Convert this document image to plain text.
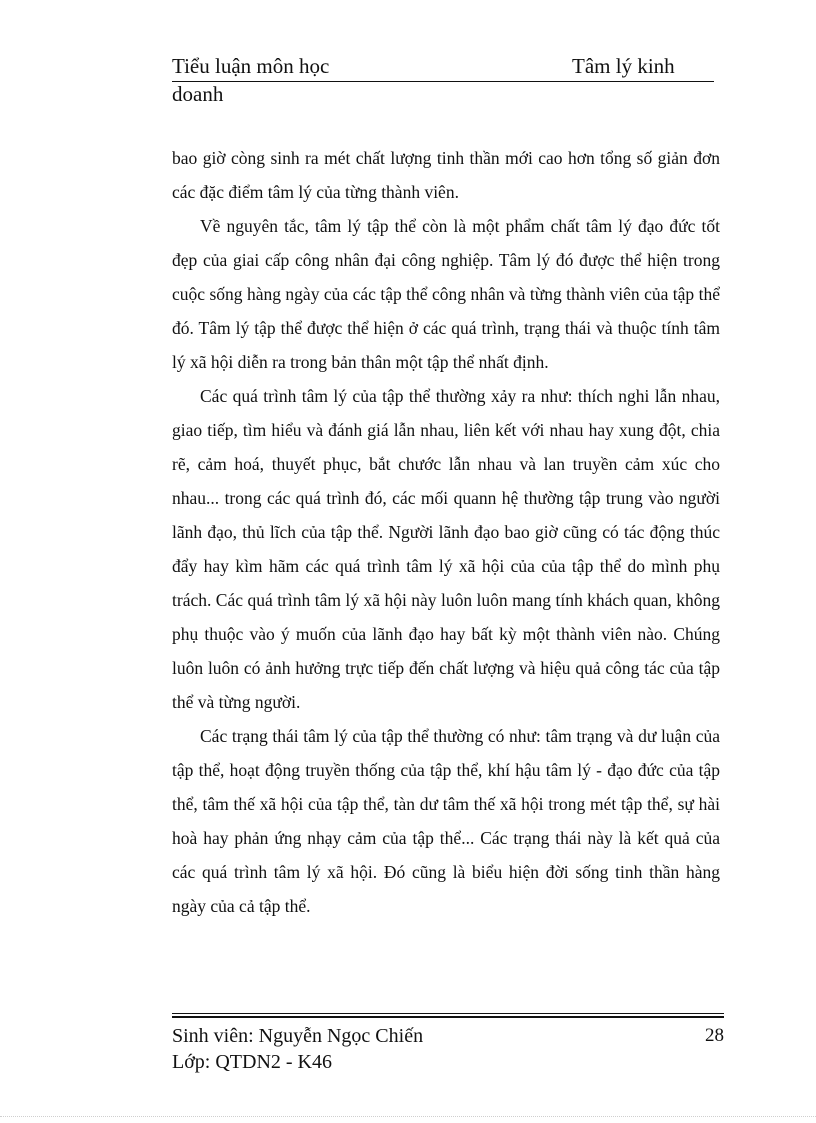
Tiểu luận môn học	Tâm lý kinh
doanh

bao giờ còng sinh ra mét chất lượng tinh thần mới cao hơn tổng số giản đơn các đặc điểm tâm lý của từng thành viên.

Về nguyên tắc, tâm lý tập thể còn là một phẩm chất tâm lý đạo đức tốt đẹp của giai cấp công nhân đại công nghiệp. Tâm lý đó được thể hiện trong cuộc sống hàng ngày của các tập thể công nhân và từng thành viên của tập thể đó. Tâm lý tập thể được thể hiện ở các quá trình, trạng thái và thuộc tính tâm lý xã hội diễn ra trong bản thân một tập thể nhất định.

Các quá trình tâm lý của tập thể thường xảy ra như: thích nghi lẫn nhau, giao tiếp, tìm hiểu và đánh giá lẫn nhau, liên kết với nhau hay xung đột, chia rẽ, cảm hoá, thuyết phục, bắt chước lẫn nhau và lan truyền cảm xúc cho nhau... trong các quá trình đó, các mối quann hệ thường tập trung vào người lãnh đạo, thủ lĩch của tập thể. Người lãnh đạo bao giờ cũng có tác động thúc đẩy hay kìm hãm các quá trình tâm lý xã hội của của tập thể do mình phụ trách. Các quá trình tâm lý xã hội này luôn luôn mang tính khách quan, không phụ thuộc vào ý muốn của lãnh đạo hay bất kỳ một thành viên nào. Chúng luôn luôn có ảnh hưởng trực tiếp đến chất lượng và hiệu quả công tác của tập thể và từng người.

Các trạng thái tâm lý của tập thể thường có như: tâm trạng và dư luận của tập thể, hoạt động truyền thống của tập thể, khí hậu tâm lý - đạo đức của tập thể, tâm thế xã hội của tập thể, tàn dư tâm thế xã hội trong mét tập thể, sự hài hoà hay phản ứng nhạy cảm của tập thể... Các trạng thái này là kết quả của các quá trình tâm lý xã hội. Đó cũng là biểu hiện đời sống tinh thần hàng ngày của cả tập thể.

Sinh viên: Nguyễn Ngọc Chiến
Lớp: QTDN2 - K46
28
